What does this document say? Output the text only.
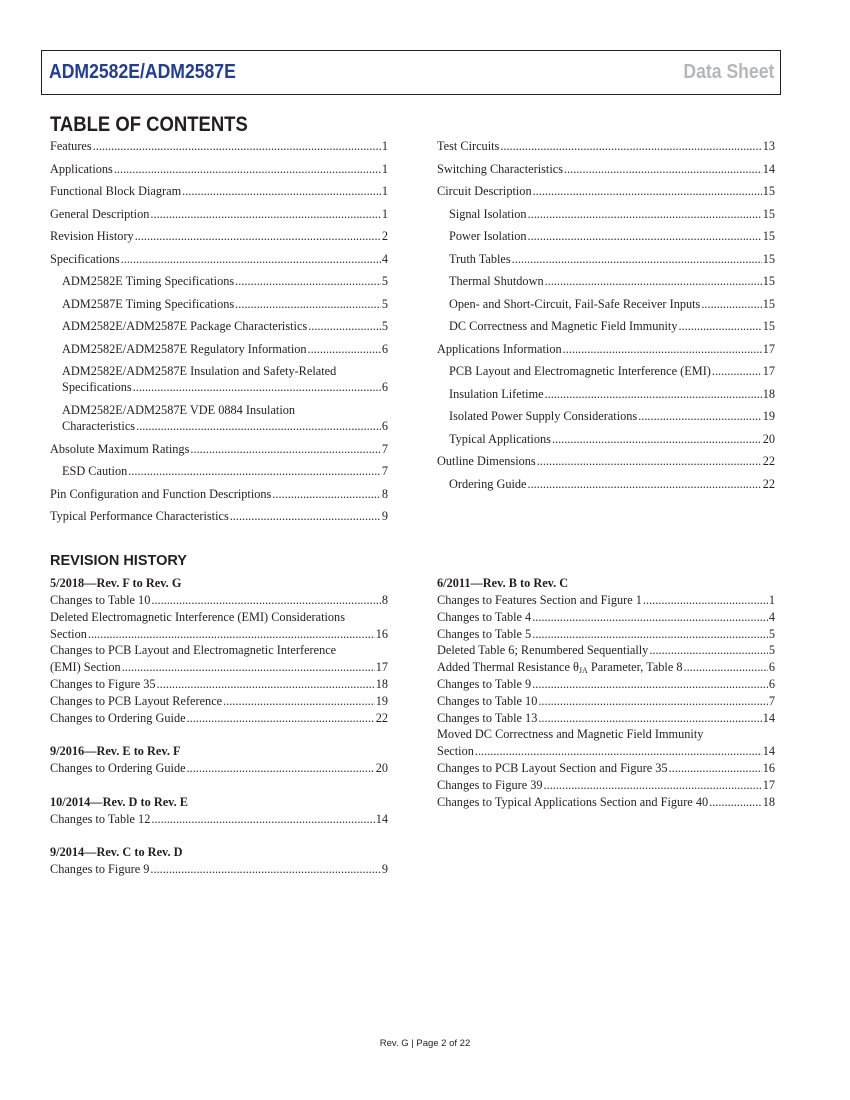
ADM2582E/ADM2587E	Data Sheet
TABLE OF CONTENTS
Features .....	1
Applications .....	1
Functional Block Diagram .....	1
General Description .....	1
Revision History .....	2
Specifications .....	4
ADM2582E Timing Specifications .....	5
ADM2587E Timing Specifications .....	5
ADM2582E/ADM2587E Package Characteristics .....	5
ADM2582E/ADM2587E Regulatory Information .....	6
ADM2582E/ADM2587E Insulation and Safety-Related
Specifications .....	6
ADM2582E/ADM2587E VDE 0884 Insulation
Characteristics .....	6
Absolute Maximum Ratings .....	7
ESD Caution .....	7
Pin Configuration and Function Descriptions .....	8
Typical Performance Characteristics .....	9
Test Circuits .....	13
Switching Characteristics .....	14
Circuit Description .....	15
Signal Isolation .....	15
Power Isolation .....	15
Truth Tables .....	15
Thermal Shutdown .....	15
Open- and Short-Circuit, Fail-Safe Receiver Inputs .....	15
DC Correctness and Magnetic Field Immunity .....	15
Applications Information .....	17
PCB Layout and Electromagnetic Interference (EMI) .....	17
Insulation Lifetime .....	18
Isolated Power Supply Considerations .....	19
Typical Applications .....	20
Outline Dimensions .....	22
Ordering Guide .....	22
REVISION HISTORY
5/2018—Rev. F to Rev. G
Changes to Table 10 .....	8
Deleted Electromagnetic Interference (EMI) Considerations
Section .....	16
Changes to PCB Layout and Electromagnetic Interference
(EMI) Section .....	17
Changes to Figure 35 .....	18
Changes to PCB Layout Reference .....	19
Changes to Ordering Guide .....	22
9/2016—Rev. E to Rev. F
Changes to Ordering Guide .....	20
10/2014—Rev. D to Rev. E
Changes to Table 12 .....	14
9/2014—Rev. C to Rev. D
Changes to Figure 9 .....	9
6/2011—Rev. B to Rev. C
Changes to Features Section and Figure 1 .....	1
Changes to Table 4 .....	4
Changes to Table 5 .....	5
Deleted Table 6; Renumbered Sequentially .....	5
Added Thermal Resistance $\theta_{JA}$ Parameter, Table 8 .....	6
Changes to Table 9 .....	6
Changes to Table 10 .....	7
Changes to Table 13 .....	14
Moved DC Correctness and Magnetic Field Immunity
Section .....	14
Changes to PCB Layout Section and Figure 35 .....	16
Changes to Figure 39 .....	17
Changes to Typical Applications Section and Figure 40 .....	18
Rev. G | Page 2 of 22
